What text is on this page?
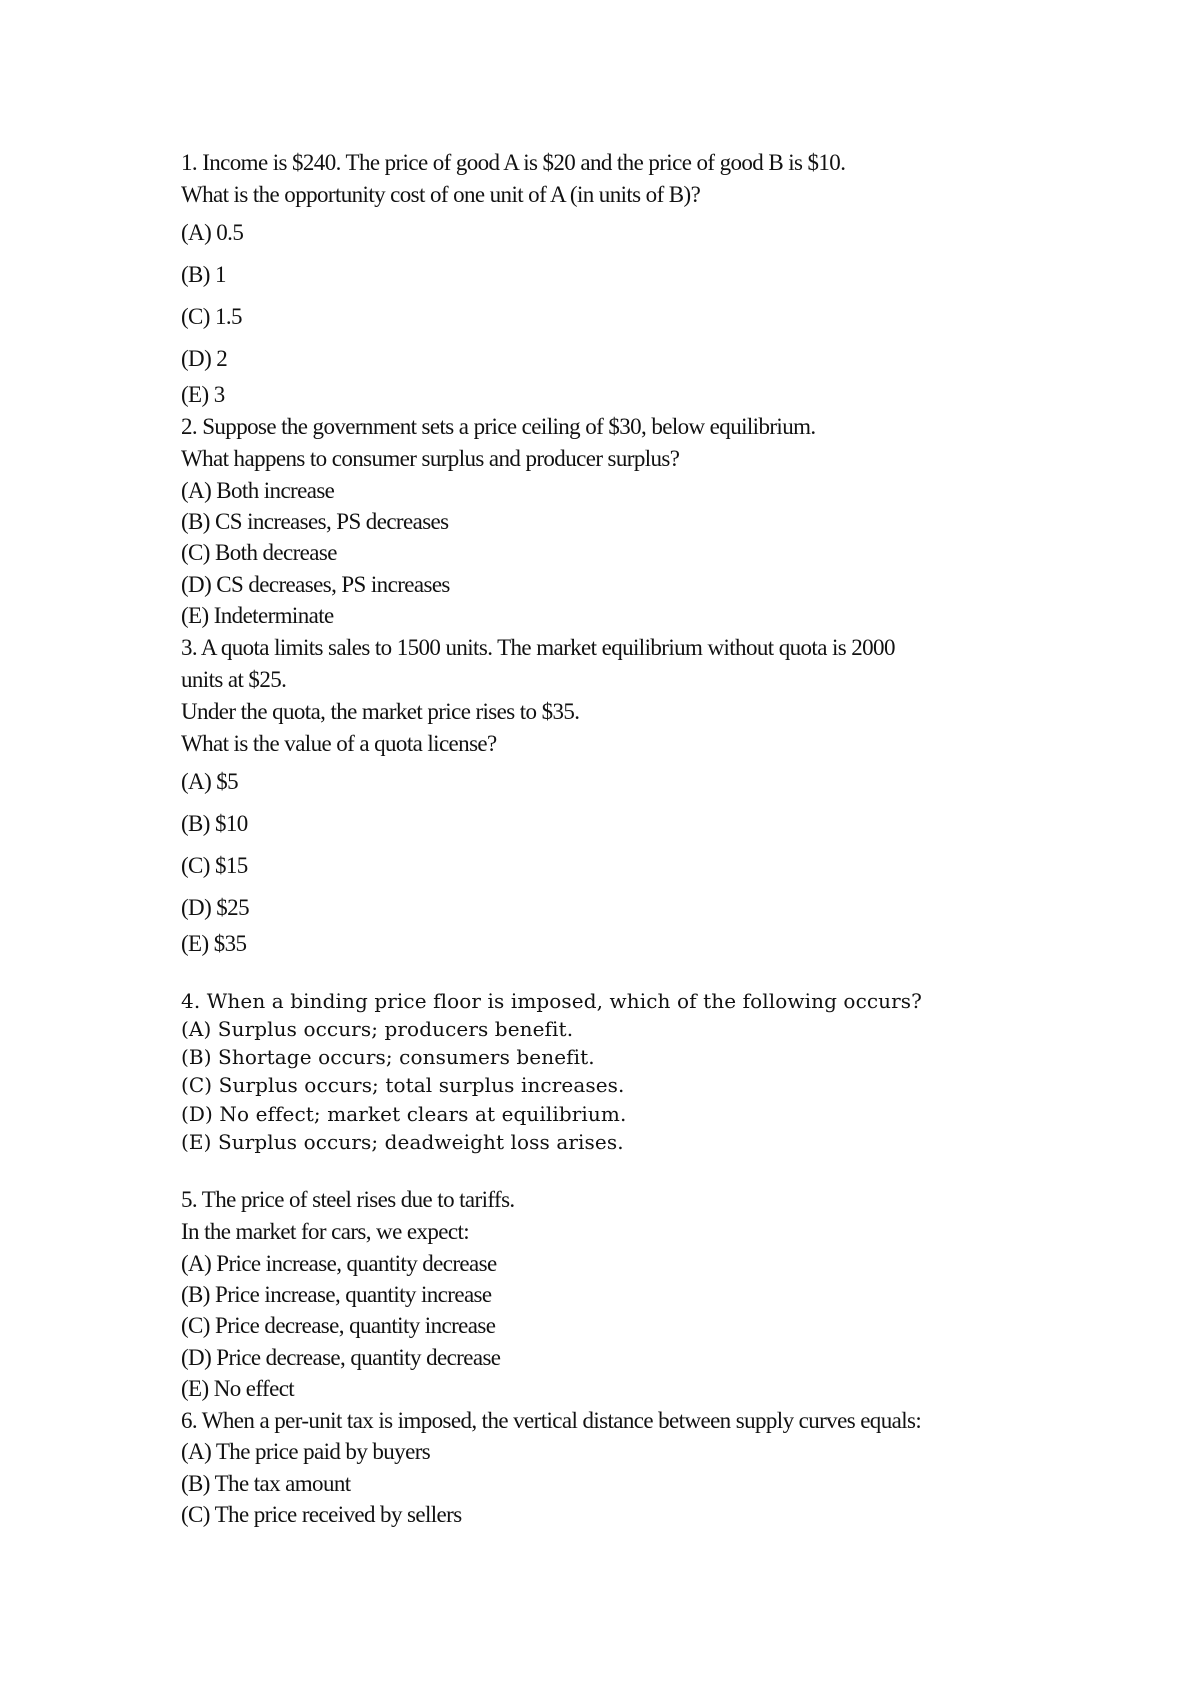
1. Income is $240. The price of good A is $20 and the price of good B is $10.
What is the opportunity cost of one unit of A (in units of B)?
(A) 0.5
(B) 1
(C) 1.5
(D) 2
(E) 3
2. Suppose the government sets a price ceiling of $30, below equilibrium.
What happens to consumer surplus and producer surplus?
(A) Both increase
(B) CS increases, PS decreases
(C) Both decrease
(D) CS decreases, PS increases
(E) Indeterminate
3. A quota limits sales to 1500 units. The market equilibrium without quota is 2000
units at $25.
Under the quota, the market price rises to $35.
What is the value of a quota license?
(A) $5
(B) $10
(C) $15
(D) $25
(E) $35
4. When a binding price floor is imposed, which of the following occurs?
(A) Surplus occurs; producers benefit.
(B) Shortage occurs; consumers benefit.
(C) Surplus occurs; total surplus increases.
(D) No effect; market clears at equilibrium.
(E) Surplus occurs; deadweight loss arises.
5. The price of steel rises due to tariffs.
In the market for cars, we expect:
(A) Price increase, quantity decrease
(B) Price increase, quantity increase
(C) Price decrease, quantity increase
(D) Price decrease, quantity decrease
(E) No effect
6. When a per-unit tax is imposed, the vertical distance between supply curves equals:
(A) The price paid by buyers
(B) The tax amount
(C) The price received by sellers
